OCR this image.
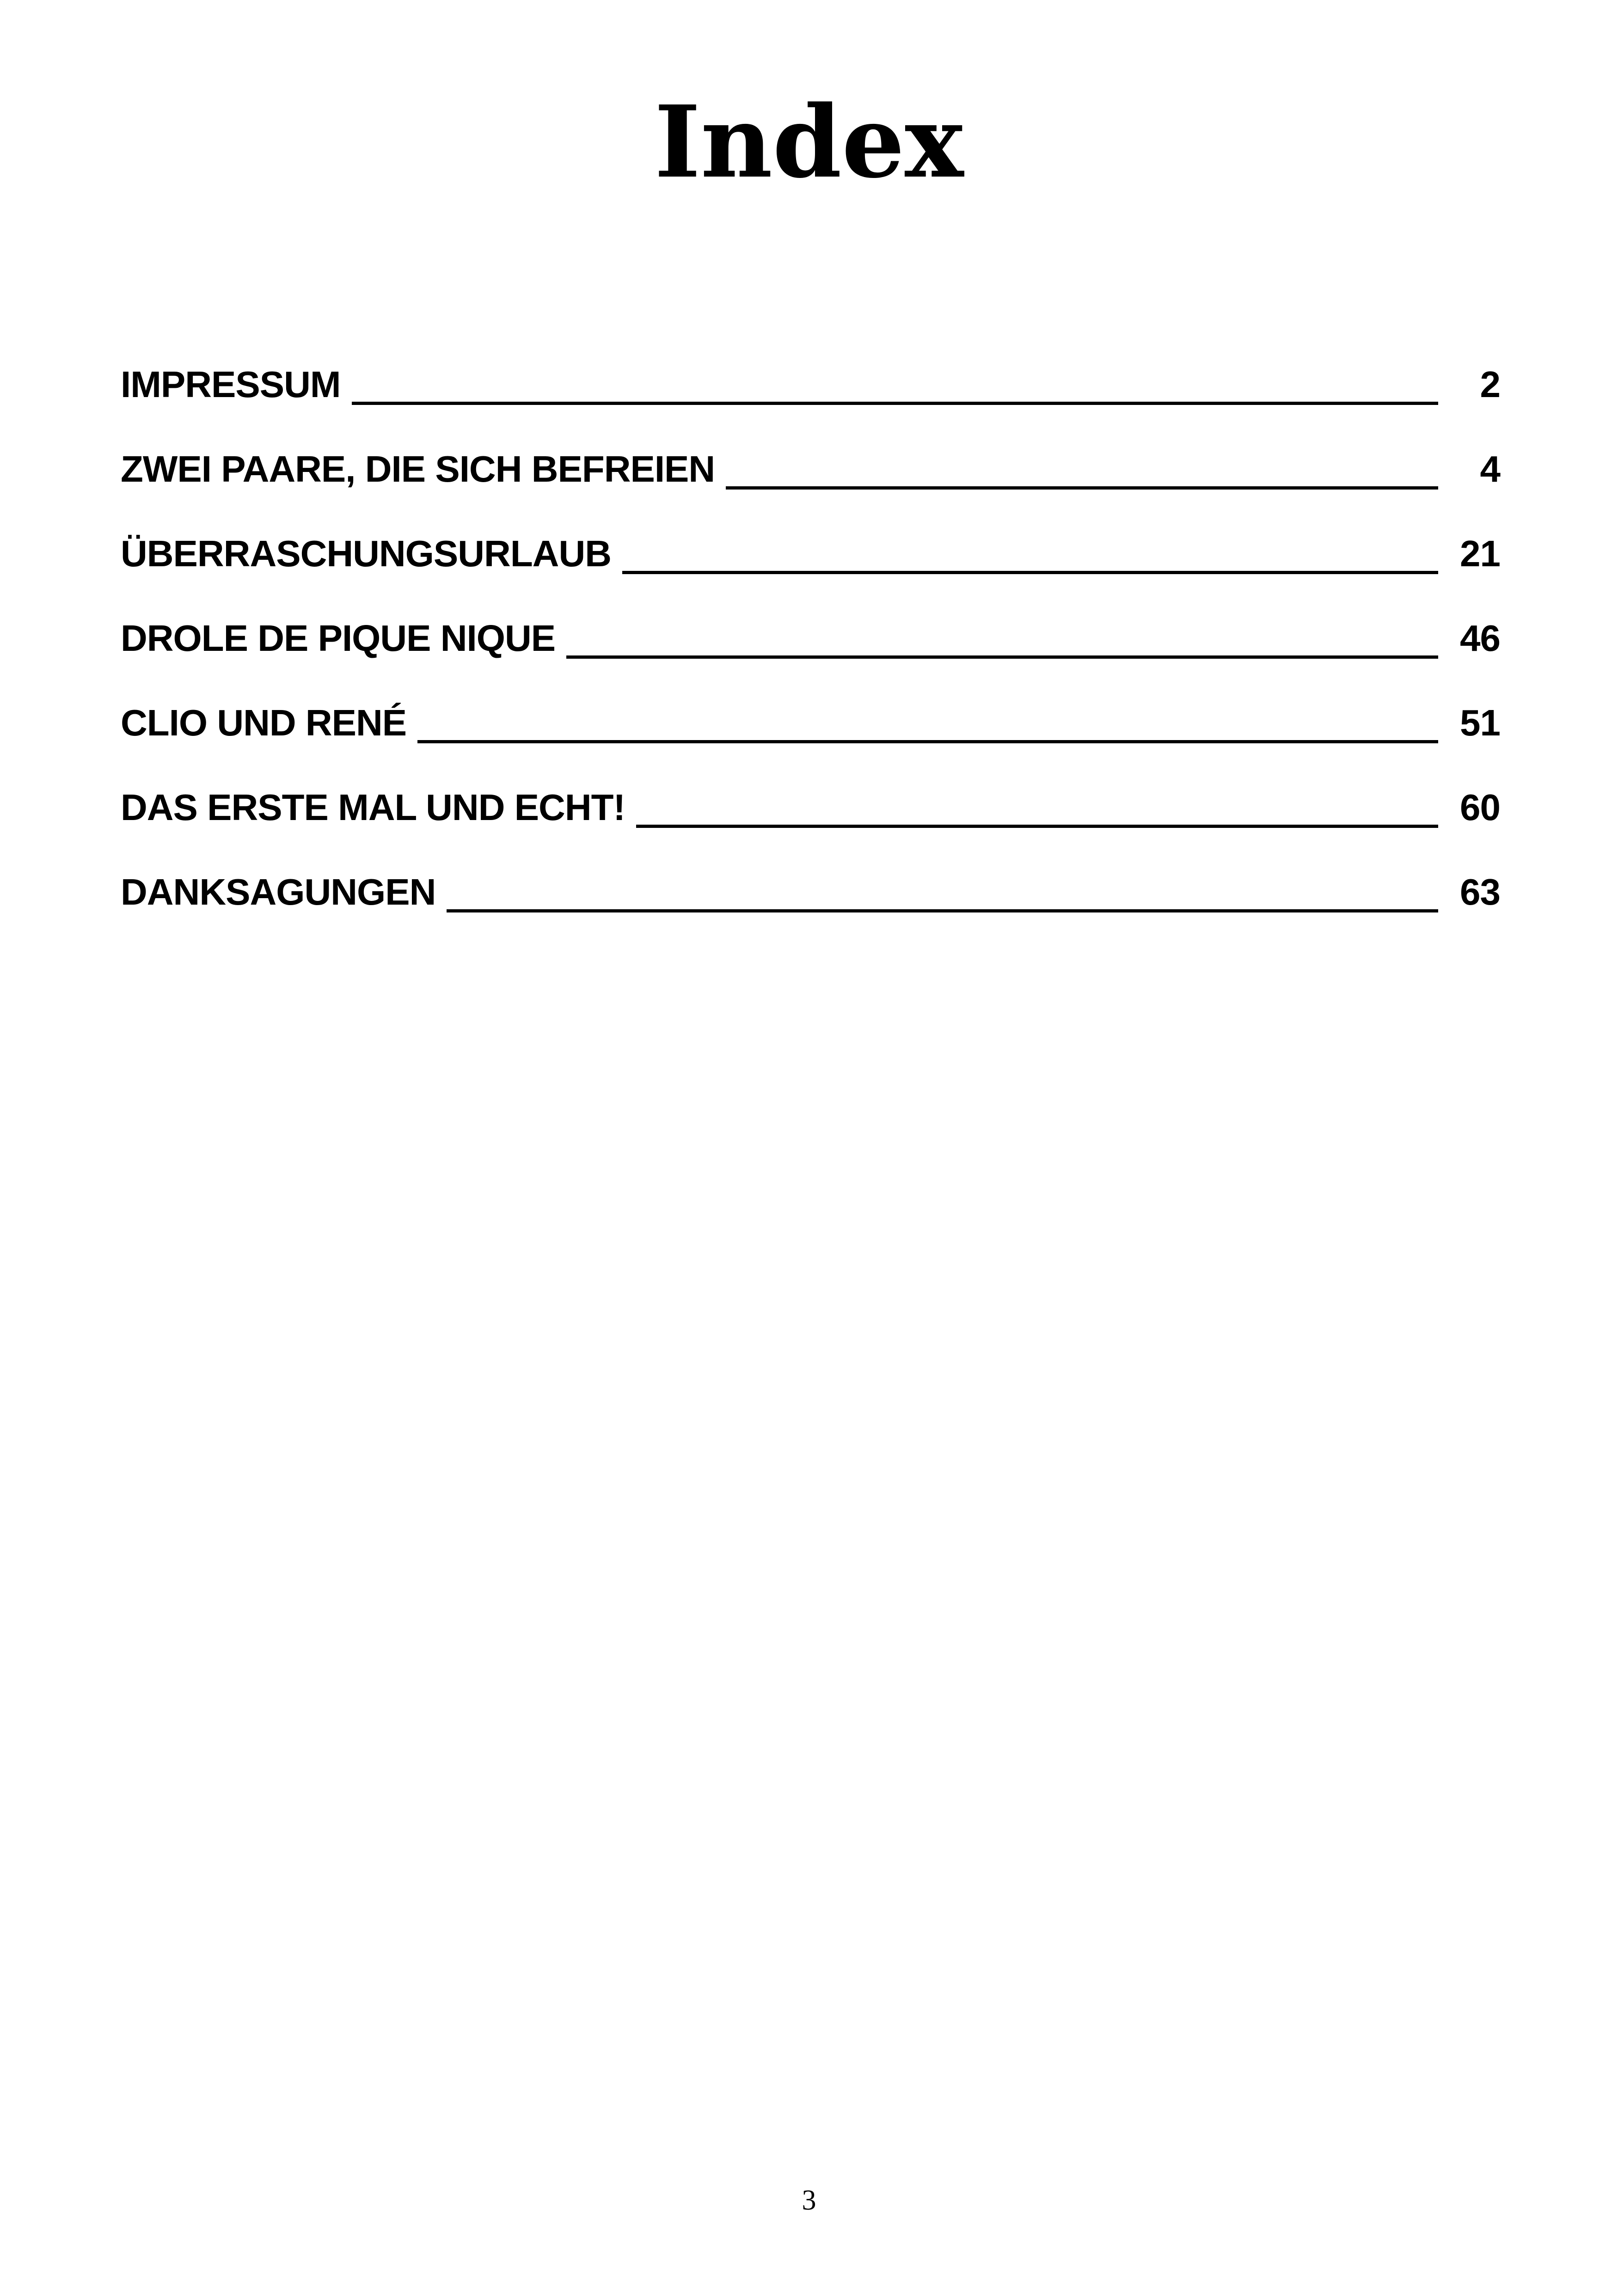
Index
IMPRESSUM	2
ZWEI PAARE, DIE SICH BEFREIEN	4
ÜBERRASCHUNGSURLAUB	21
DROLE DE PIQUE NIQUE	46
CLIO UND RENÉ	51
DAS ERSTE MAL UND ECHT!	60
DANKSAGUNGEN	63
3
